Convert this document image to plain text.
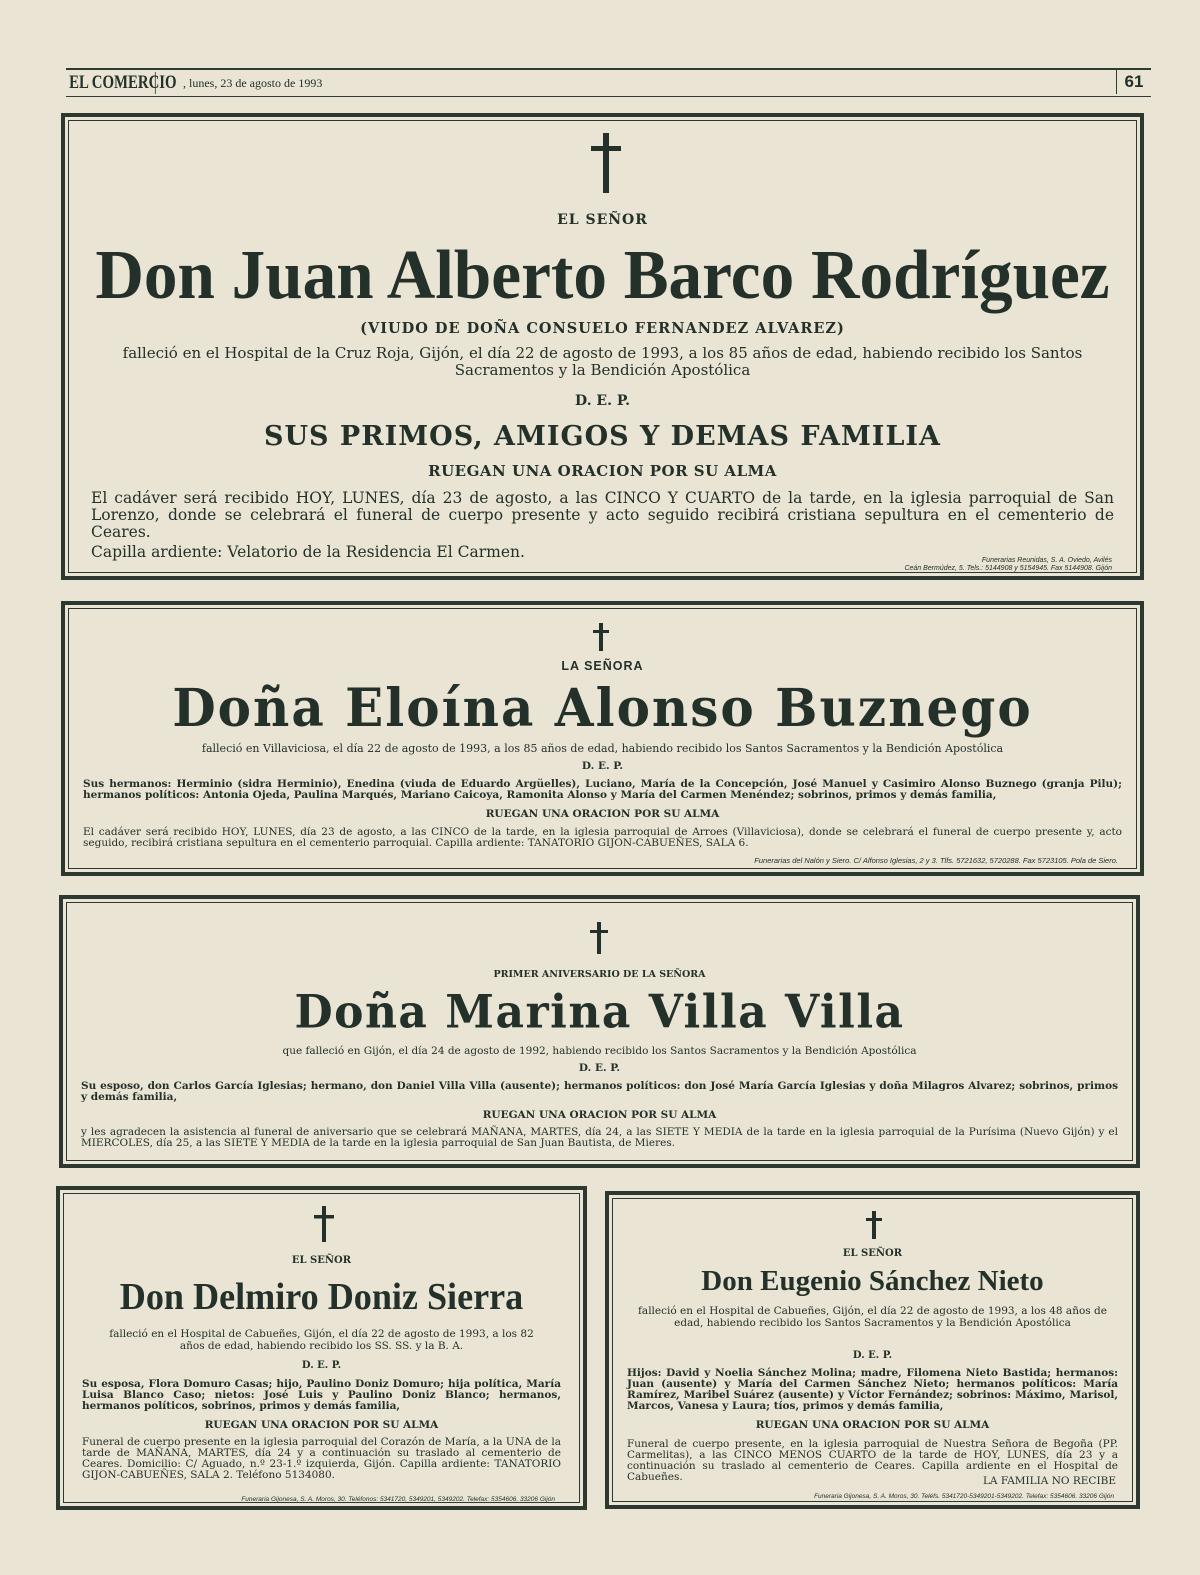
EL COMERCIO , lunes, 23 de agosto de 1993	61
EL SEÑOR
Don Juan Alberto Barco Rodríguez
(VIUDO DE DOÑA CONSUELO FERNANDEZ ALVAREZ)
falleció en el Hospital de la Cruz Roja, Gijón, el día 22 de agosto de 1993, a los 85 años de edad, habiendo recibido los Santos Sacramentos y la Bendición Apostólica
D. E. P.
SUS PRIMOS, AMIGOS Y DEMAS FAMILIA
RUEGAN UNA ORACION POR SU ALMA
El cadáver será recibido HOY, LUNES, día 23 de agosto, a las CINCO Y CUARTO de la tarde, en la iglesia parroquial de San Lorenzo, donde se celebrará el funeral de cuerpo presente y acto seguido recibirá cristiana sepultura en el cementerio de Ceares.
Capilla ardiente: Velatorio de la Residencia El Carmen.	Funerarias Reunidas, S. A. Oviedo, Avilés
Ceán Bermúdez, 5. Tels.: 5144908 y 5154945. Fax 5144908. Gijón
LA SEÑORA
Doña Eloína Alonso Buznego
falleció en Villaviciosa, el día 22 de agosto de 1993, a los 85 años de edad, habiendo recibido los Santos Sacramentos y la Bendición Apostólica
D. E. P.
Sus hermanos: Herminio (sidra Herminio), Enedina (viuda de Eduardo Argüelles), Luciano, María de la Concepción, José Manuel y Casimiro Alonso Buznego (granja Pilu); hermanos políticos: Antonia Ojeda, Paulina Marqués, Mariano Caicoya, Ramonita Alonso y María del Carmen Menéndez; sobrinos, primos y demás familia,
RUEGAN UNA ORACION POR SU ALMA
El cadáver será recibido HOY, LUNES, día 23 de agosto, a las CINCO de la tarde, en la iglesia parroquial de Arroes (Villaviciosa), donde se celebrará el funeral de cuerpo presente y, acto seguido, recibirá cristiana sepultura en el cementerio parroquial. Capilla ardiente: TANATORIO GIJON-CABUEÑES, SALA 6.
Funerarias del Nalón y Siero. C/ Alfonso Iglesias, 2 y 3. Tlfs. 5721632, 5720288. Fax 5723105. Pola de Siero.
PRIMER ANIVERSARIO DE LA SEÑORA
Doña Marina Villa Villa
que falleció en Gijón, el día 24 de agosto de 1992, habiendo recibido los Santos Sacramentos y la Bendición Apostólica
D. E. P.
Su esposo, don Carlos García Iglesias; hermano, don Daniel Villa Villa (ausente); hermanos políticos: don José María García Iglesias y doña Milagros Alvarez; sobrinos, primos y demás familia,
RUEGAN UNA ORACION POR SU ALMA
y les agradecen la asistencia al funeral de aniversario que se celebrará MAÑANA, MARTES, día 24, a las SIETE Y MEDIA de la tarde en la iglesia parroquial de la Purísima (Nuevo Gijón) y el MIERCOLES, día 25, a las SIETE Y MEDIA de la tarde en la iglesia parroquial de San Juan Bautista, de Mieres.
EL SEÑOR
Don Delmiro Doniz Sierra
falleció en el Hospital de Cabueñes, Gijón, el día 22 de agosto de 1993, a los 82 años de edad, habiendo recibido los SS. SS. y la B. A.
D. E. P.
Su esposa, Flora Domuro Casas; hijo, Paulino Doniz Domuro; hija política, María Luisa Blanco Caso; nietos: José Luis y Paulino Doniz Blanco; hermanos, hermanos políticos, sobrinos, primos y demás familia,
RUEGAN UNA ORACION POR SU ALMA
Funeral de cuerpo presente en la iglesia parroquial del Corazón de María, a la UNA de la tarde de MAÑANA, MARTES, día 24 y a continuación su traslado al cementerio de Ceares. Domicilio: C/ Aguado, n.º 23-1.º izquierda, Gijón. Capilla ardiente: TANATORIO GIJON-CABUEÑES, SALA 2. Teléfono 5134080.
Funeraria Gijonesa, S. A. Moros, 30. Teléfonos: 5341720, 5349201, 5349202. Telefax: 5354606. 33206 Gijón
EL SEÑOR
Don Eugenio Sánchez Nieto
falleció en el Hospital de Cabueñes, Gijón, el día 22 de agosto de 1993, a los 48 años de edad, habiendo recibido los Santos Sacramentos y la Bendición Apostólica
D. E. P.
Hijos: David y Noelia Sánchez Molina; madre, Filomena Nieto Bastida; hermanos: Juan (ausente) y María del Carmen Sánchez Nieto; hermanos políticos: María Ramírez, Maribel Suárez (ausente) y Víctor Fernández; sobrinos: Máximo, Marisol, Marcos, Vanesa y Laura; tíos, primos y demás familia,
RUEGAN UNA ORACION POR SU ALMA
Funeral de cuerpo presente, en la iglesia parroquial de Nuestra Señora de Begoña (PP. Carmelitas), a las CINCO MENOS CUARTO de la tarde de HOY, LUNES, día 23 y a continuación su traslado al cementerio de Ceares. Capilla ardiente en el Hospital de Cabueñes.	LA FAMILIA NO RECIBE
Funeraria Gijonesa, S. A. Moros, 30. Teléfs. 5341720-5349201-5349202. Telefax: 5354606. 33206 Gijón
